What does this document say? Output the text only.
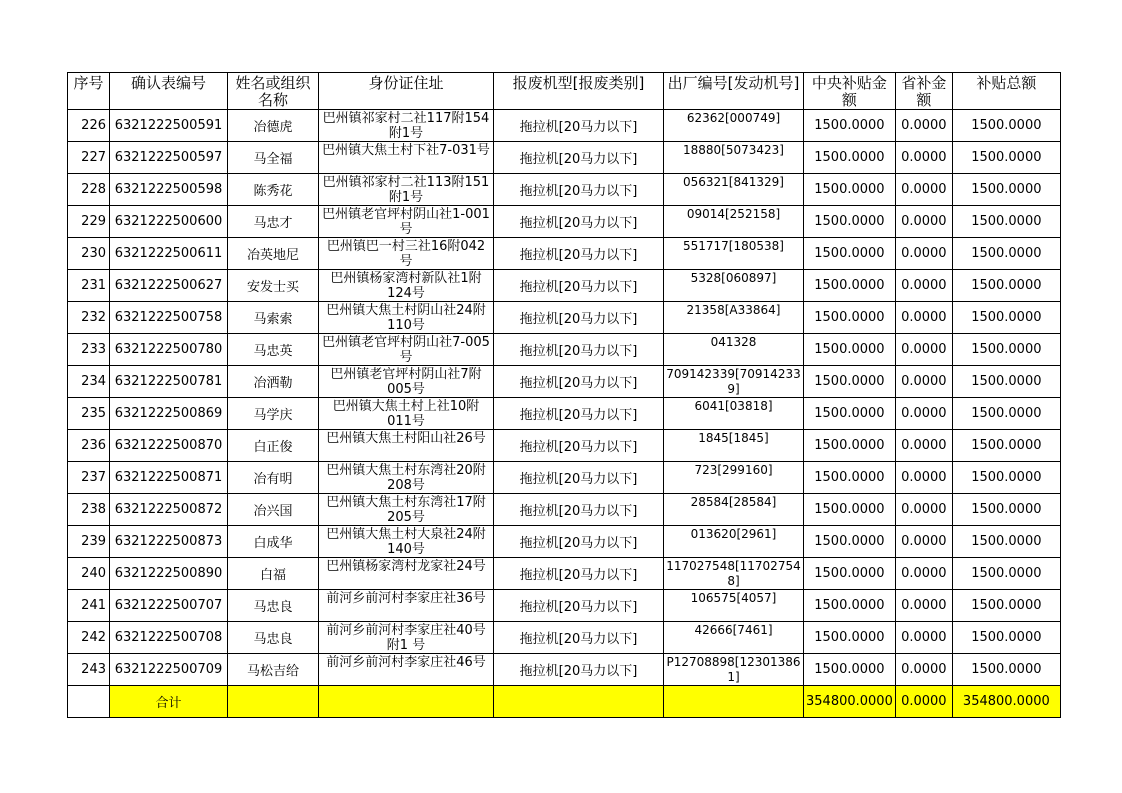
序号	确认表编号	姓名或组织名称	身份证住址	报废机型[报废类别]	出厂编号[发动机号]	中央补贴金额	省补金额	补贴总额
226	6321222500591	冶德虎	巴州镇祁家村二社117附154附1号	拖拉机[20马力以下]	62362[000749]	1500.0000	0.0000	1500.0000
227	6321222500597	马全福	巴州镇大焦土村下社7-031号	拖拉机[20马力以下]	18880[5073423]	1500.0000	0.0000	1500.0000
228	6321222500598	陈秀花	巴州镇祁家村二社113附151附1号	拖拉机[20马力以下]	056321[841329]	1500.0000	0.0000	1500.0000
229	6321222500600	马忠才	巴州镇老官坪村阴山社1-001号	拖拉机[20马力以下]	09014[252158]	1500.0000	0.0000	1500.0000
230	6321222500611	冶英地尼	巴州镇巴一村三社16附042号	拖拉机[20马力以下]	551717[180538]	1500.0000	0.0000	1500.0000
231	6321222500627	安发士买	巴州镇杨家湾村新队社1附124号	拖拉机[20马力以下]	5328[060897]	1500.0000	0.0000	1500.0000
232	6321222500758	马索索	巴州镇大焦土村阴山社24附110号	拖拉机[20马力以下]	21358[A33864]	1500.0000	0.0000	1500.0000
233	6321222500780	马忠英	巴州镇老官坪村阴山社7-005号	拖拉机[20马力以下]	041328	1500.0000	0.0000	1500.0000
234	6321222500781	冶洒勒	巴州镇老官坪村阴山社7附005号	拖拉机[20马力以下]	709142339[709142339]	1500.0000	0.0000	1500.0000
235	6321222500869	马学庆	巴州镇大焦土村上社10附011号	拖拉机[20马力以下]	6041[03818]	1500.0000	0.0000	1500.0000
236	6321222500870	白正俊	巴州镇大焦土村阳山社26号	拖拉机[20马力以下]	1845[1845]	1500.0000	0.0000	1500.0000
237	6321222500871	冶有明	巴州镇大焦土村东湾社20附208号	拖拉机[20马力以下]	723[299160]	1500.0000	0.0000	1500.0000
238	6321222500872	冶兴国	巴州镇大焦土村东湾社17附205号	拖拉机[20马力以下]	28584[28584]	1500.0000	0.0000	1500.0000
239	6321222500873	白成华	巴州镇大焦土村大泉社24附140号	拖拉机[20马力以下]	013620[2961]	1500.0000	0.0000	1500.0000
240	6321222500890	白福	巴州镇杨家湾村龙家社24号	拖拉机[20马力以下]	117027548[117027548]	1500.0000	0.0000	1500.0000
241	6321222500707	马忠良	前河乡前河村李家庄社36号	拖拉机[20马力以下]	106575[4057]	1500.0000	0.0000	1500.0000
242	6321222500708	马忠良	前河乡前河村李家庄社40号附1 号	拖拉机[20马力以下]	42666[7461]	1500.0000	0.0000	1500.0000
243	6321222500709	马松吉给	前河乡前河村李家庄社46号	拖拉机[20马力以下]	P12708898[12301386 1]	1500.0000	0.0000	1500.0000
	合计					354800.0000	0.0000	354800.0000
